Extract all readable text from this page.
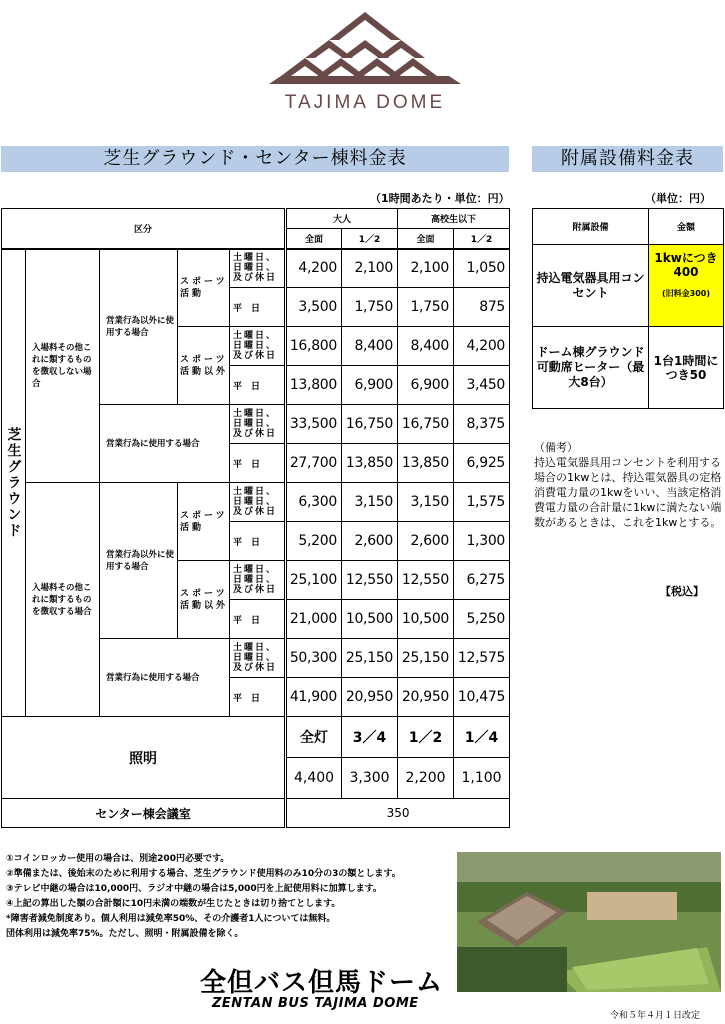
TAJIMA DOME
芝生グラウンド・センター棟料金表	附属設備料金表
（1時間あたり・単位：円）	（単位：円）
区分					大人		高校生以下	
					全面	1／2	全面	1／2
芝生グラウンド	入場料その他これに類するものを徴収しない場合	営業行為以外に使用する場合	スポーツ活動	土曜日、日曜日、及び休日	4,200	2,100	2,100	1,050
				平日	3,500	1,750	1,750	875
			スポーツ活動以外	土曜日、日曜日、及び休日	16,800	8,400	8,400	4,200
				平日	13,800	6,900	6,900	3,450
		営業行為に使用する場合		土曜日、日曜日、及び休日	33,500	16,750	16,750	8,375
				平日	27,700	13,850	13,850	6,925
	入場料その他これに類するものを徴収する場合	営業行為以外に使用する場合	スポーツ活動	土曜日、日曜日、及び休日	6,300	3,150	3,150	1,575
				平日	5,200	2,600	2,600	1,300
			スポーツ活動以外	土曜日、日曜日、及び休日	25,100	12,550	12,550	6,275
				平日	21,000	10,500	10,500	5,250
		営業行為に使用する場合		土曜日、日曜日、及び休日	50,300	25,150	25,150	12,575
				平日	41,900	20,950	20,950	10,475
照明					全灯	3／4	1／2	1／4
					4,400	3,300	2,200	1,100
センター棟会議室					350			
附属設備	金額
持込電気器具用コンセント	1kwにつき400
(旧料金300)

ドーム棟グラウンド可動席ヒーター（最大8台）	1台1時間につき50
（備考）
持込電気器具用コンセントを利用する場合の1kwとは、持込電気器具の定格消費電力量の1kwをいい、当該定格消費電力量の合計量に1kwに満たない端数があるときは、これを1kwとする。
【税込】
①コインロッカー使用の場合は、別途200円必要です。
②準備または、後始末のために利用する場合、芝生グラウンド使用料のみ10分の3の額とします。
③テレビ中継の場合は10,000円、ラジオ中継の場合は5,000円を上記使用料に加算します。
④上記の算出した額の合計額に10円未満の端数が生じたときは切り捨てとします。
*障害者減免制度あり。個人利用は減免率50%、その介護者1人については無料。
団体利用は減免率75%。ただし、照明・附属設備を除く。
全但バス但馬ドーム
ZENTAN BUS TAJIMA DOME
令和５年４月１日改定
